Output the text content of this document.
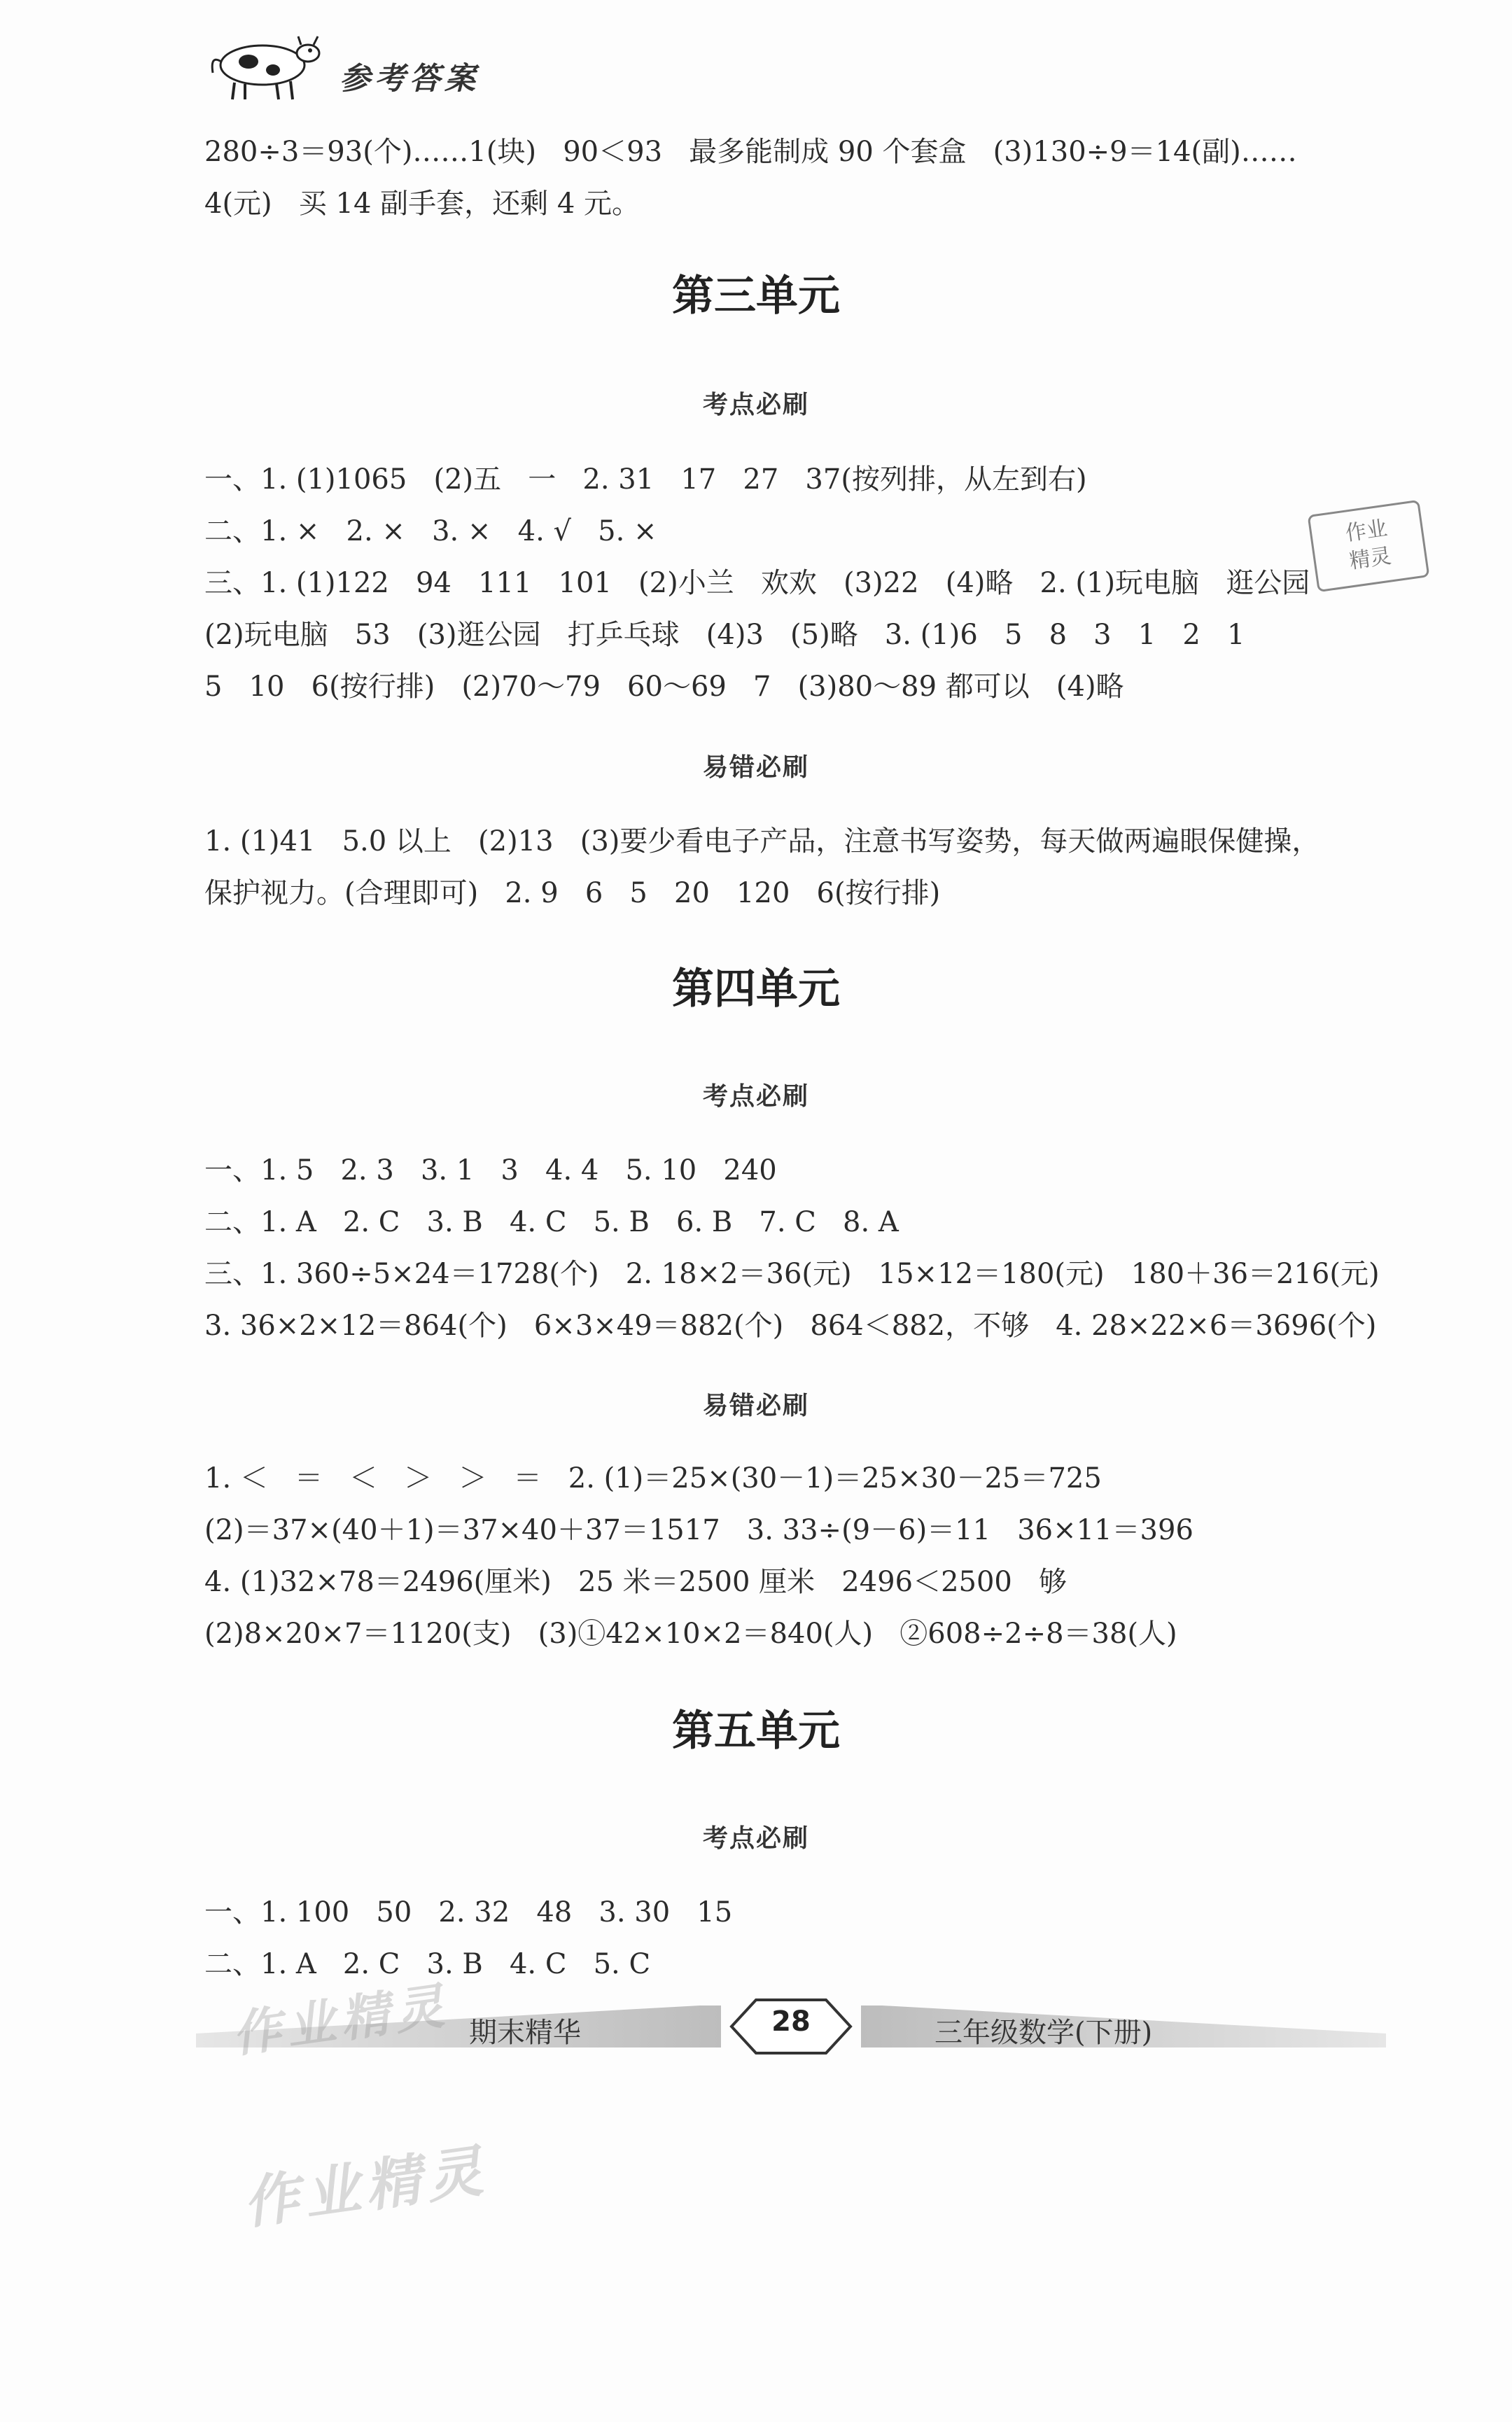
参考答案
280÷3＝93(个)……1(块)   90＜93   最多能制成 90 个套盒   (3)130÷9＝14(副)……
4(元)   买 14 副手套，还剩 4 元。
第三单元
考点必刷
一、1. (1)1065   (2)五   一   2. 31   17   27   37(按列排，从左到右)
二、1. ×   2. ×   3. ×   4. √   5. ×
三、1. (1)122   94   111   101   (2)小兰   欢欢   (3)22   (4)略   2. (1)玩电脑   逛公园
(2)玩电脑   53   (3)逛公园   打乒乓球   (4)3   (5)略   3. (1)6   5   8   3   1   2   1
5   10   6(按行排)   (2)70～79   60～69   7   (3)80～89 都可以   (4)略
易错必刷
1. (1)41   5.0 以上   (2)13   (3)要少看电子产品，注意书写姿势，每天做两遍眼保健操，
保护视力。(合理即可)   2. 9   6   5   20   120   6(按行排)
作业
精灵
第四单元
考点必刷
一、1. 5   2. 3   3. 1   3   4. 4   5. 10   240
二、1. A   2. C   3. B   4. C   5. B   6. B   7. C   8. A
三、1. 360÷5×24＝1728(个)   2. 18×2＝36(元)   15×12＝180(元)   180＋36＝216(元)
3. 36×2×12＝864(个)   6×3×49＝882(个)   864＜882，不够   4. 28×22×6＝3696(个)
易错必刷
1. ＜   ＝   ＜   ＞   ＞   ＝   2. (1)＝25×(30－1)＝25×30－25＝725
(2)＝37×(40＋1)＝37×40＋37＝1517   3. 33÷(9－6)＝11   36×11＝396
4. (1)32×78＝2496(厘米)   25 米＝2500 厘米   2496＜2500   够
(2)8×20×7＝1120(支)   (3)①42×10×2＝840(人)   ②608÷2÷8＝38(人)
第五单元
考点必刷
一、1. 100   50   2. 32   48   3. 30   15
二、1. A   2. C   3. B   4. C   5. C
期末精华	28	三年级数学(下册)
作业精灵
作业精灵
